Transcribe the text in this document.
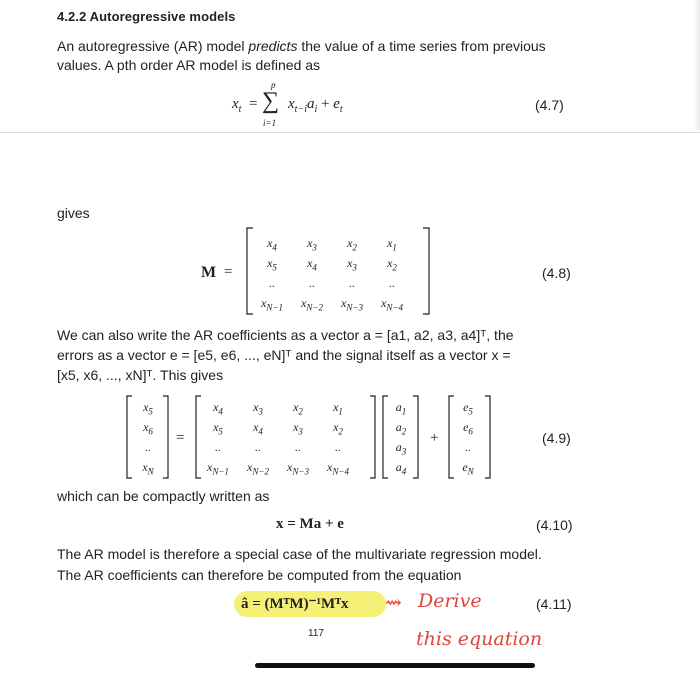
4.2.2 Autoregressive models
An autoregressive (AR) model predicts the value of a time series from previous
values. A pth order AR model is defined as
$x_t$ =
p
∑
i=1
$x_{t-i}a_i + e_t$	(4.7)
gives
M =
$x_4$	$x_3$	$x_2$	$x_1$
$x_5$	$x_4$	$x_3$	$x_2$
..	..	..	..
$x_{N-1}$	$x_{N-2}$	$x_{N-3}$	$x_{N-4}$
(4.8)
We can also write the AR coefficients as a vector a = [a1, a2, a3, a4]ᵀ, the
errors as a vector e = [e5, e6, ..., eN]ᵀ and the signal itself as a vector x =
[x5, x6, ..., xN]ᵀ. This gives
$x_5$
$x_6$
..
$x_N$
=
$x_4$	$x_3$	$x_2$	$x_1$
$x_5$	$x_4$	$x_3$	$x_2$
..	..	..	..
$x_{N-1}$	$x_{N-2}$	$x_{N-3}$	$x_{N-4}$
$a_1$
$a_2$
$a_3$
$a_4$
+
$e_5$
$e_6$
..
$e_N$
(4.9)
which can be compactly written as
x = Ma + e	(4.10)
The AR model is therefore a special case of the multivariate regression model.
The AR coefficients can therefore be computed from the equation
â = (MᵀM)⁻¹Mᵀx ⇝ Derive	(4.11)
this equation
117
